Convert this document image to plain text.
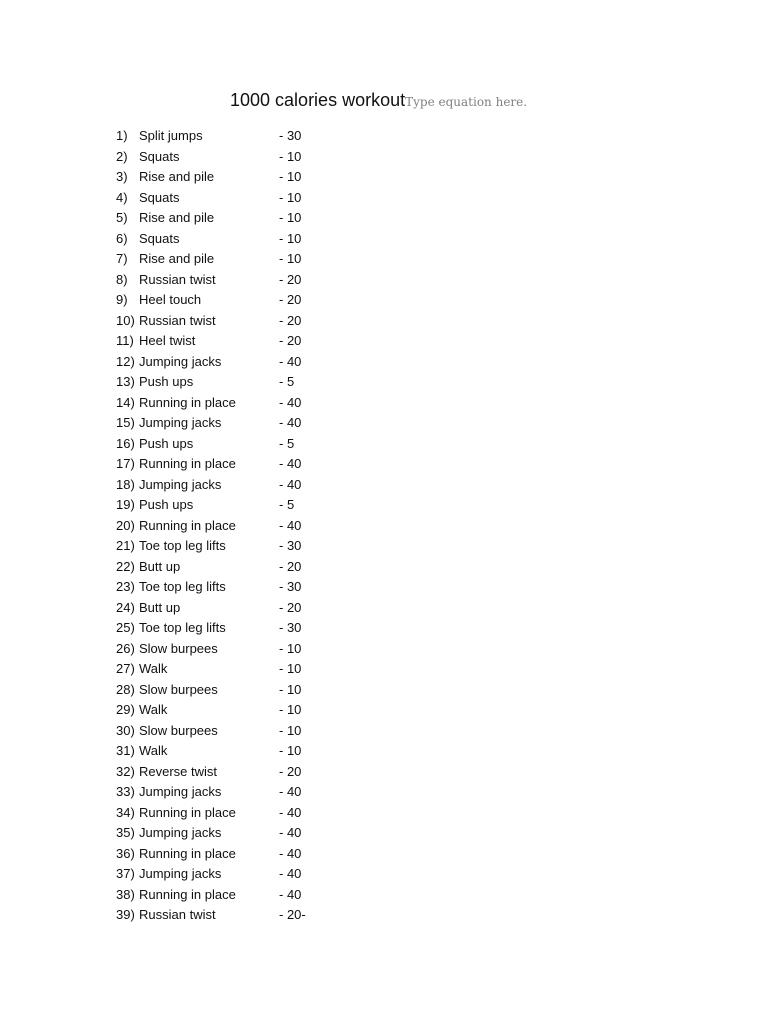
1000 calories workoutType equation here.
1) Split jumps	- 30
2) Squats	- 10
3) Rise and pile	- 10
4) Squats	- 10
5) Rise and pile	- 10
6) Squats	- 10
7) Rise and pile	- 10
8) Russian twist	- 20
9) Heel touch	- 20
10) Russian twist	- 20
11) Heel twist	- 20
12) Jumping jacks	- 40
13) Push ups	- 5
14) Running in place	- 40
15) Jumping jacks	- 40
16) Push ups	- 5
17) Running in place	- 40
18) Jumping jacks	- 40
19) Push ups	- 5
20) Running in place	- 40
21) Toe top leg lifts	- 30
22) Butt up	- 20
23) Toe top leg lifts	- 30
24) Butt up	- 20
25) Toe top leg lifts	- 30
26) Slow burpees	- 10
27) Walk	- 10
28) Slow burpees	- 10
29) Walk	- 10
30) Slow burpees	- 10
31) Walk	- 10
32) Reverse twist	- 20
33) Jumping jacks	- 40
34) Running in place	- 40
35) Jumping jacks	- 40
36) Running in place	- 40
37) Jumping jacks	- 40
38) Running in place	- 40
39) Russian twist	- 20-
